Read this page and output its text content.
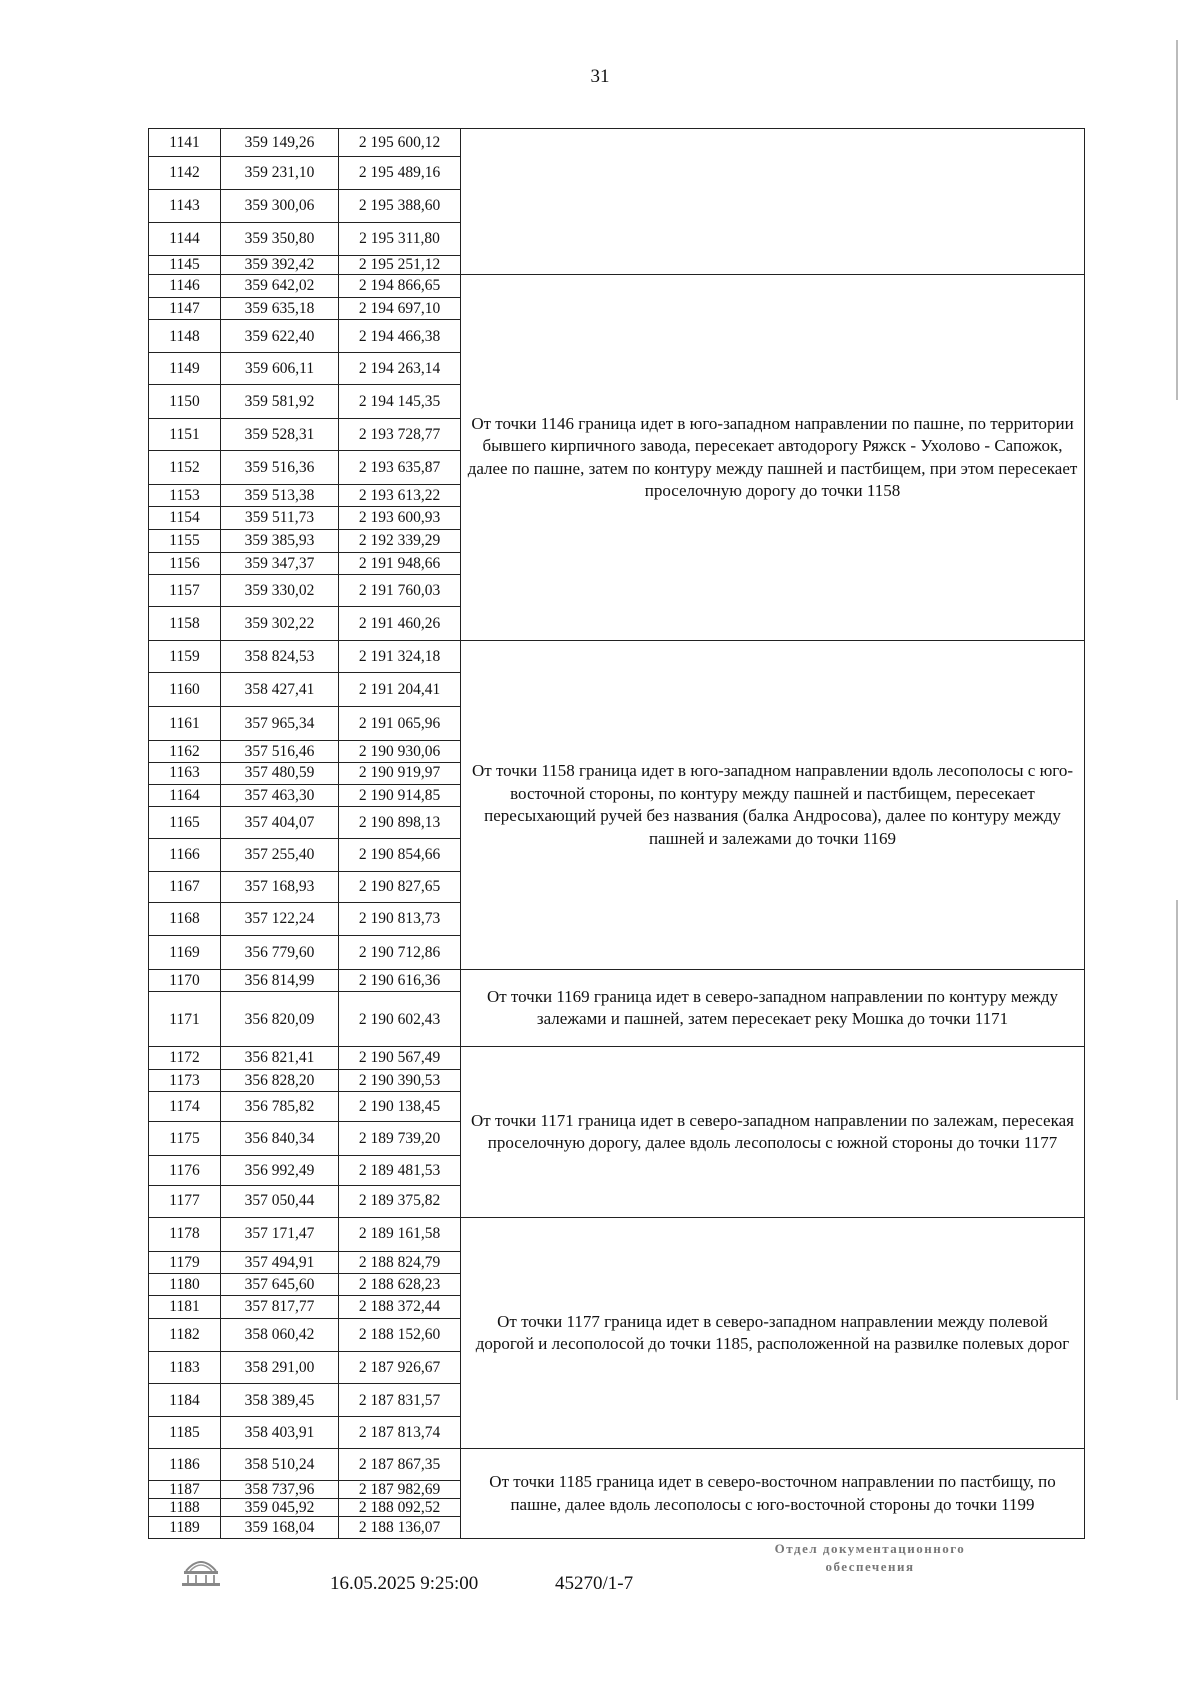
31
1141	359 149,26	2 195 600,12	
1142	359 231,10	2 195 489,16	
1143	359 300,06	2 195 388,60	
1144	359 350,80	2 195 311,80	
1145	359 392,42	2 195 251,12	
1146	359 642,02	2 194 866,65	От точки 1146 граница идет в юго-западном направлении по пашне, по территории бывшего кирпичного завода, пересекает автодорогу Ряжск - Ухолово - Сапожок, далее по пашне, затем по контуру между пашней и пастбищем, при этом пересекает проселочную дорогу до точки 1158
1147	359 635,18	2 194 697,10	
1148	359 622,40	2 194 466,38	
1149	359 606,11	2 194 263,14	
1150	359 581,92	2 194 145,35	
1151	359 528,31	2 193 728,77	
1152	359 516,36	2 193 635,87	
1153	359 513,38	2 193 613,22	
1154	359 511,73	2 193 600,93	
1155	359 385,93	2 192 339,29	
1156	359 347,37	2 191 948,66	
1157	359 330,02	2 191 760,03	
1158	359 302,22	2 191 460,26	
1159	358 824,53	2 191 324,18	От точки 1158 граница идет в юго-западном направлении вдоль лесополосы с юго-восточной стороны, по контуру между пашней и пастбищем, пересекает пересыхающий ручей без названия (балка Андросова), далее по контуру между пашней и залежами до точки 1169
1160	358 427,41	2 191 204,41	
1161	357 965,34	2 191 065,96	
1162	357 516,46	2 190 930,06	
1163	357 480,59	2 190 919,97	
1164	357 463,30	2 190 914,85	
1165	357 404,07	2 190 898,13	
1166	357 255,40	2 190 854,66	
1167	357 168,93	2 190 827,65	
1168	357 122,24	2 190 813,73	
1169	356 779,60	2 190 712,86	
1170	356 814,99	2 190 616,36	От точки 1169 граница идет в северо-западном направлении по контуру между залежами и пашней, затем пересекает реку Мошка до точки 1171
1171	356 820,09	2 190 602,43	
1172	356 821,41	2 190 567,49	От точки 1171 граница идет в северо-западном направлении по залежам, пересекая проселочную дорогу, далее вдоль лесополосы с южной стороны до точки 1177
1173	356 828,20	2 190 390,53	
1174	356 785,82	2 190 138,45	
1175	356 840,34	2 189 739,20	
1176	356 992,49	2 189 481,53	
1177	357 050,44	2 189 375,82	
1178	357 171,47	2 189 161,58	От точки 1177 граница идет в северо-западном направлении между полевой дорогой и лесополосой до точки 1185, расположенной на развилке полевых дорог
1179	357 494,91	2 188 824,79	
1180	357 645,60	2 188 628,23	
1181	357 817,77	2 188 372,44	
1182	358 060,42	2 188 152,60	
1183	358 291,00	2 187 926,67	
1184	358 389,45	2 187 831,57	
1185	358 403,91	2 187 813,74	
1186	358 510,24	2 187 867,35	От точки 1185 граница идет в северо-восточном направлении по пастбищу, по пашне, далее вдоль лесополосы с юго-восточной стороны до точки 1199
1187	358 737,96	2 187 982,69	
1188	359 045,92	2 188 092,52	
1189	359 168,04	2 188 136,07	
16.05.2025 9:25:00	45270/1-7
Отдел документационного
обеспечения
